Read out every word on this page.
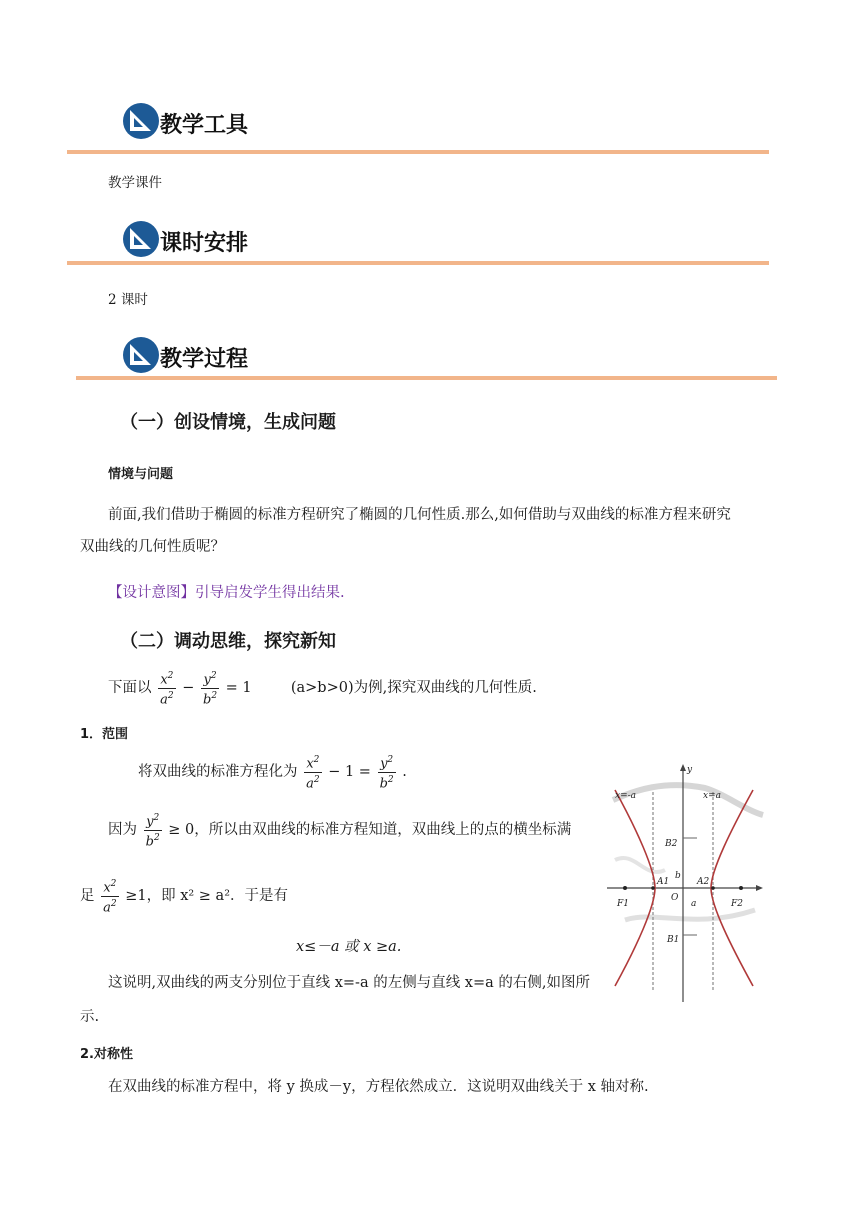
教学工具
教学课件
课时安排
2 课时
教学过程
（一）创设情境，生成问题
情境与问题
前面,我们借助于椭圆的标准方程研究了椭圆的几何性质.那么,如何借助与双曲线的标准方程来研究
双曲线的几何性质呢？
【设计意图】引导启发学生得出结果.
（二）调动思维，探究新知
下面以 $\frac{x^2}{a^2} - \frac{y^2}{b^2} = 1$	(a>b>0)为例,探究双曲线的几何性质.
1．范围
将双曲线的标准方程化为 $\frac{x^2}{a^2} - 1 = \frac{y^2}{b^2}$ .
因为 $\frac{y^2}{b^2} \ge 0$，所以由双曲线的标准方程知道，双曲线上的点的横坐标满
足 $\frac{x^2}{a^2} \ge 1$，即 x² ≥ a²．于是有
x≤－a 或 x ≥a.
这说明,双曲线的两支分别位于直线 x=-a 的左侧与直线 x=a 的右侧,如图所
示.
2.对称性
在双曲线的标准方程中，将 y 换成－y，方程依然成立．这说明双曲线关于 x 轴对称.
y
x=-a	x=a
B2
b
A1	A2
O
a
F1	F2
B1
